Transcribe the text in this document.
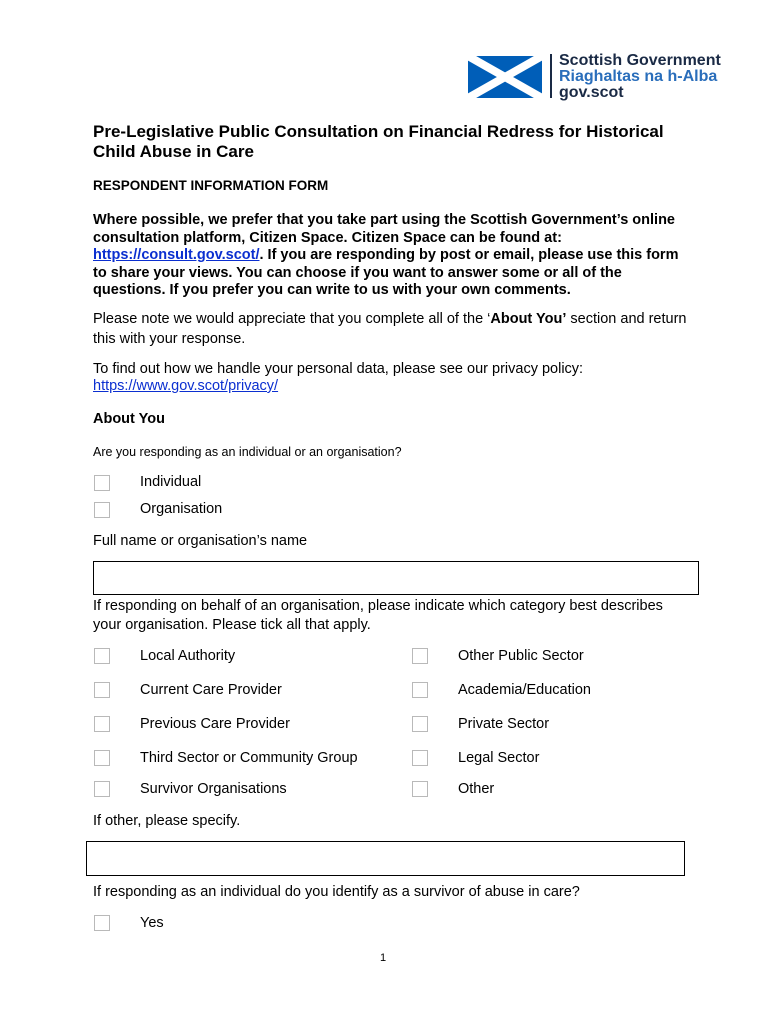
Scottish Government
Riaghaltas na h-Alba
gov.scot
Pre-Legislative Public Consultation on Financial Redress for Historical Child Abuse in Care
RESPONDENT INFORMATION FORM
Where possible, we prefer that you take part using the Scottish Government’s online consultation platform, Citizen Space. Citizen Space can be found at: https://consult.gov.scot/. If you are responding by post or email, please use this form to share your views. You can choose if you want to answer some or all of the questions. If you prefer you can write to us with your own comments.
Please note we would appreciate that you complete all of the ‘About You’ section and return this with your response.
To find out how we handle your personal data, please see our privacy policy:
https://www.gov.scot/privacy/
About You
Are you responding as an individual or an organisation?
Individual
Organisation
Full name or organisation’s name
If responding on behalf of an organisation, please indicate which category best describes your organisation. Please tick all that apply.
Local Authority
Current Care Provider
Previous Care Provider
Third Sector or Community Group
Survivor Organisations
Other Public Sector
Academia/Education
Private Sector
Legal Sector
Other
If other, please specify.
If responding as an individual do you identify as a survivor of abuse in care?
Yes
1
